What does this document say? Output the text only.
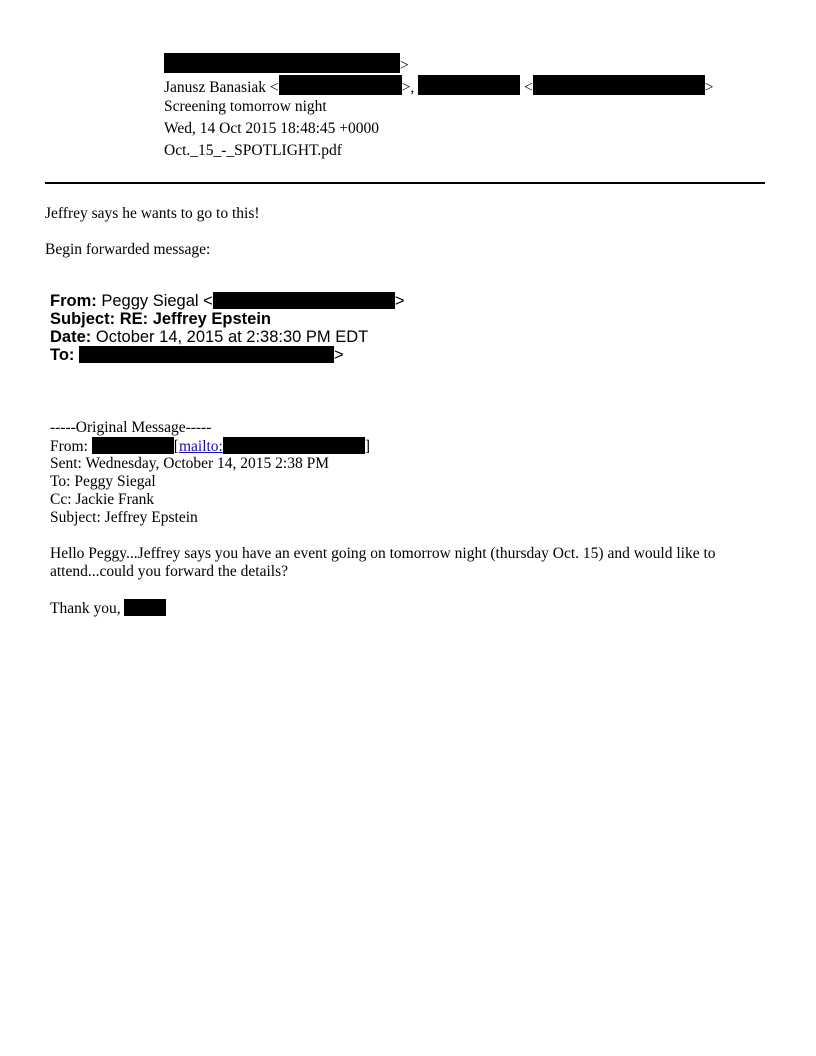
>
Janusz Banasiak <	>,	<	>
Screening tomorrow night
Wed, 14 Oct 2015 18:48:45 +0000
Oct._15_-_SPOTLIGHT.pdf
Jeffrey says he wants to go to this!
Begin forwarded message:
From: Peggy Siegal <	>
Subject: RE: Jeffrey Epstein
Date: October 14, 2015 at 2:38:30 PM EDT
To:	>
-----Original Message-----
From:	[mailto:	]
Sent: Wednesday, October 14, 2015 2:38 PM
To: Peggy Siegal
Cc: Jackie Frank
Subject: Jeffrey Epstein
Hello Peggy...Jeffrey says you have an event going on tomorrow night (thursday Oct. 15) and would like to
attend...could you forward the details?
Thank you,
